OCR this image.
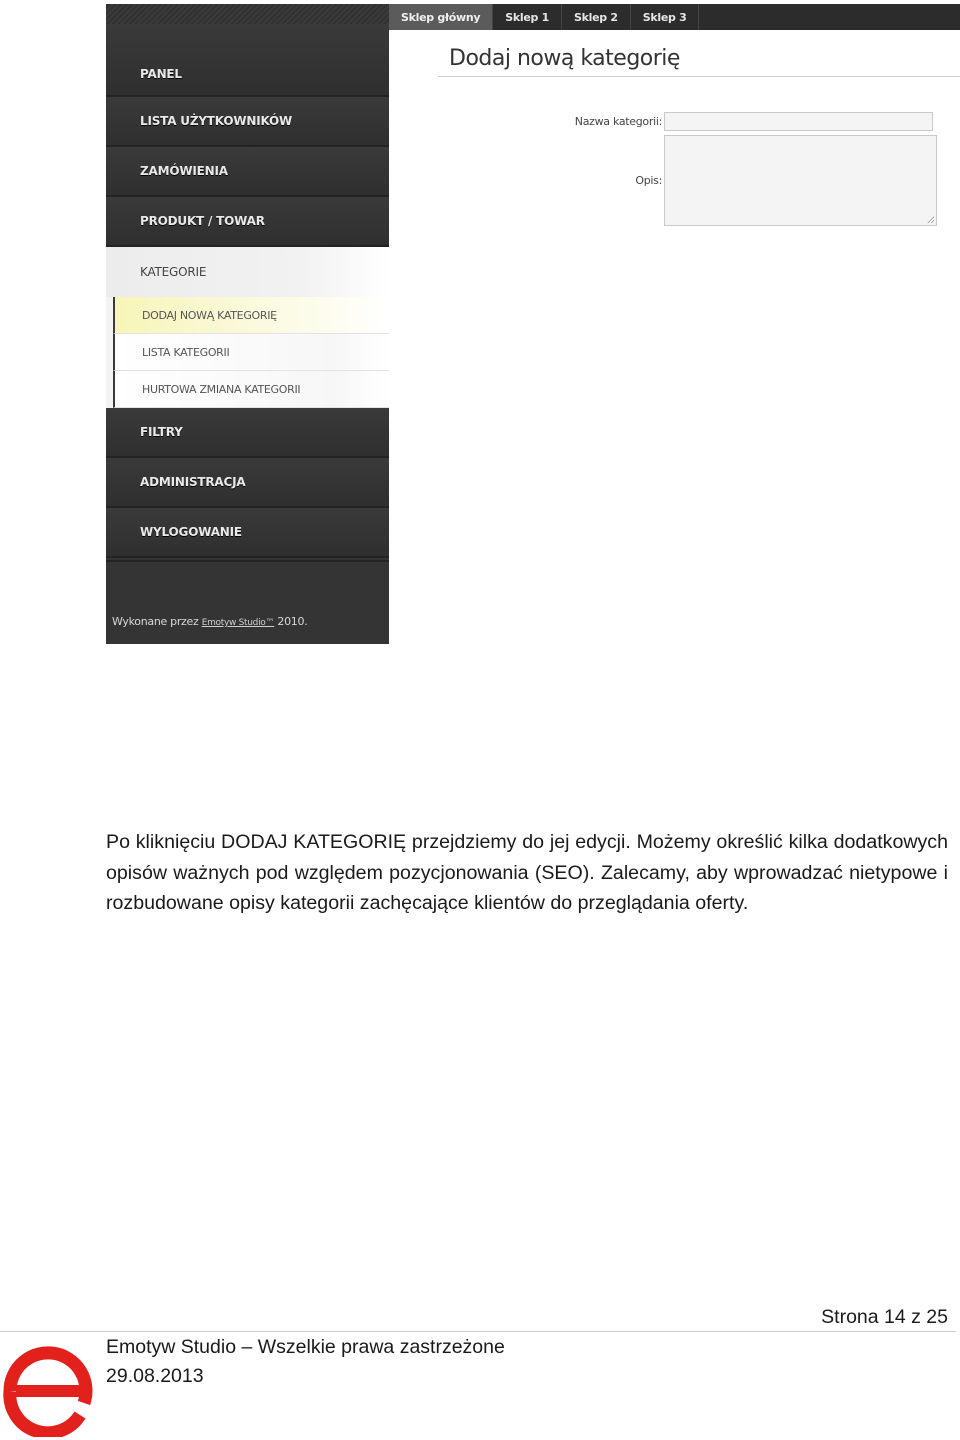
PANEL
LISTA UŻYTKOWNIKÓW
ZAMÓWIENIA
PRODUKT / TOWAR
KATEGORIE
DODAJ NOWĄ KATEGORIĘ
LISTA KATEGORII
HURTOWA ZMIANA KATEGORII
FILTRY
ADMINISTRACJA
WYLOGOWANIE
Wykonane przez Emotyw Studio™ 2010.
Sklep główny	Sklep 1	Sklep 2	Sklep 3
Dodaj nową kategorię
Nazwa kategorii:
Opis:

Po kliknięciu DODAJ KATEGORIĘ przejdziemy do jej edycji. Możemy określić kilka dodatkowych opisów ważnych pod względem pozycjonowania (SEO). Zalecamy, aby wprowadzać nietypowe i rozbudowane opisy kategorii zachęcające klientów do przeglądania oferty.

Strona 14 z 25
Emotyw Studio – Wszelkie prawa zastrzeżone
29.08.2013
